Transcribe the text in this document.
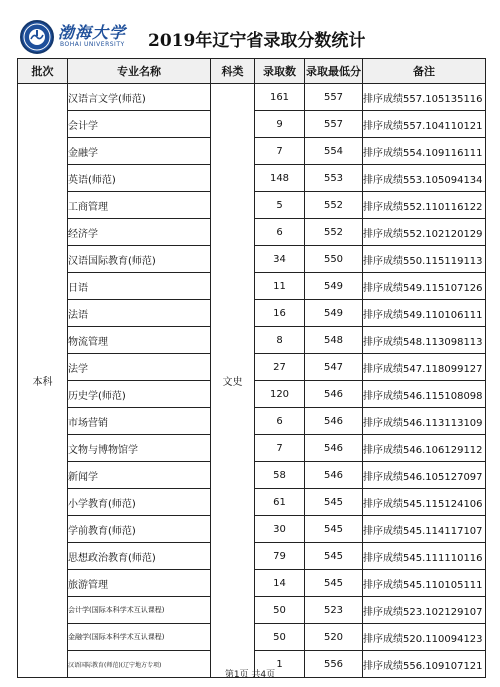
渤海大学
BOHAI UNIVERSITY 2019年辽宁省录取分数统计
批次	专业名称	科类	录取数	录取最低分	备注
本科	汉语言文学(师范)	文史	161	557	排序成绩557.105135116
	会计学		9	557	排序成绩557.104110121
	金融学		7	554	排序成绩554.109116111
	英语(师范)		148	553	排序成绩553.105094134
	工商管理		5	552	排序成绩552.110116122
	经济学		6	552	排序成绩552.102120129
	汉语国际教育(师范)		34	550	排序成绩550.115119113
	日语		11	549	排序成绩549.115107126
	法语		16	549	排序成绩549.110106111
	物流管理		8	548	排序成绩548.113098113
	法学		27	547	排序成绩547.118099127
	历史学(师范)		120	546	排序成绩546.115108098
	市场营销		6	546	排序成绩546.113113109
	文物与博物馆学		7	546	排序成绩546.106129112
	新闻学		58	546	排序成绩546.105127097
	小学教育(师范)		61	545	排序成绩545.115124106
	学前教育(师范)		30	545	排序成绩545.114117107
	思想政治教育(师范)		79	545	排序成绩545.111110116
	旅游管理		14	545	排序成绩545.110105111
	会计学(国际本科学术互认课程)		50	523	排序成绩523.102129107
	金融学(国际本科学术互认课程)		50	520	排序成绩520.110094123
	汉语国际教育(师范)(辽宁地方专项)		1	556	排序成绩556.109107121
第1页 共4页
